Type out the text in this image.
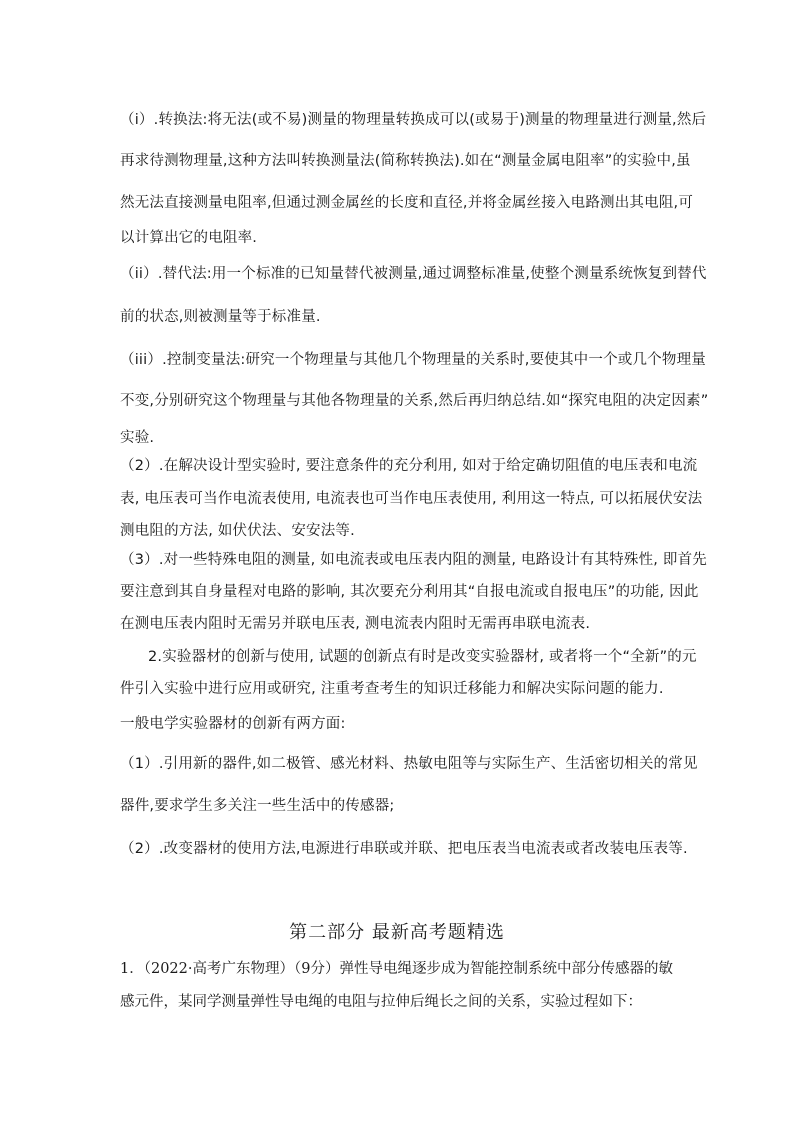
（i）.转换法:将无法(或不易)测量的物理量转换成可以(或易于)测量的物理量进行测量,然后
再求待测物理量,这种方法叫转换测量法(简称转换法).如在“测量金属电阻率”的实验中,虽
然无法直接测量电阻率,但通过测金属丝的长度和直径,并将金属丝接入电路测出其电阻,可
以计算出它的电阻率.
（ii）.替代法:用一个标准的已知量替代被测量,通过调整标准量,使整个测量系统恢复到替代
前的状态,则被测量等于标准量.
（iii）.控制变量法:研究一个物理量与其他几个物理量的关系时,要使其中一个或几个物理量
不变,分别研究这个物理量与其他各物理量的关系,然后再归纳总结.如“探究电阻的决定因素”
实验.
（2）.在解决设计型实验时, 要注意条件的充分利用, 如对于给定确切阻值的电压表和电流
表, 电压表可当作电流表使用, 电流表也可当作电压表使用, 利用这一特点, 可以拓展伏安法
测电阻的方法, 如伏伏法、安安法等.
（3）.对一些特殊电阻的测量, 如电流表或电压表内阻的测量, 电路设计有其特殊性, 即首先
要注意到其自身量程对电路的影响, 其次要充分利用其“自报电流或自报电压”的功能, 因此
在测电压表内阻时无需另并联电压表, 测电流表内阻时无需再串联电流表.
2.实验器材的创新与使用, 试题的创新点有时是改变实验器材, 或者将一个“全新”的元
件引入实验中进行应用或研究, 注重考查考生的知识迁移能力和解决实际问题的能力.
一般电学实验器材的创新有两方面:
（1）.引用新的器件,如二极管、感光材料、热敏电阻等与实际生产、生活密切相关的常见
器件,要求学生多关注一些生活中的传感器;
（2）.改变器材的使用方法,电源进行串联或并联、把电压表当电流表或者改装电压表等.
第二部分 最新高考题精选
1．（2022·高考广东物理）（9分）弹性导电绳逐步成为智能控制系统中部分传感器的敏
感元件，某同学测量弹性导电绳的电阻与拉伸后绳长之间的关系，实验过程如下：
